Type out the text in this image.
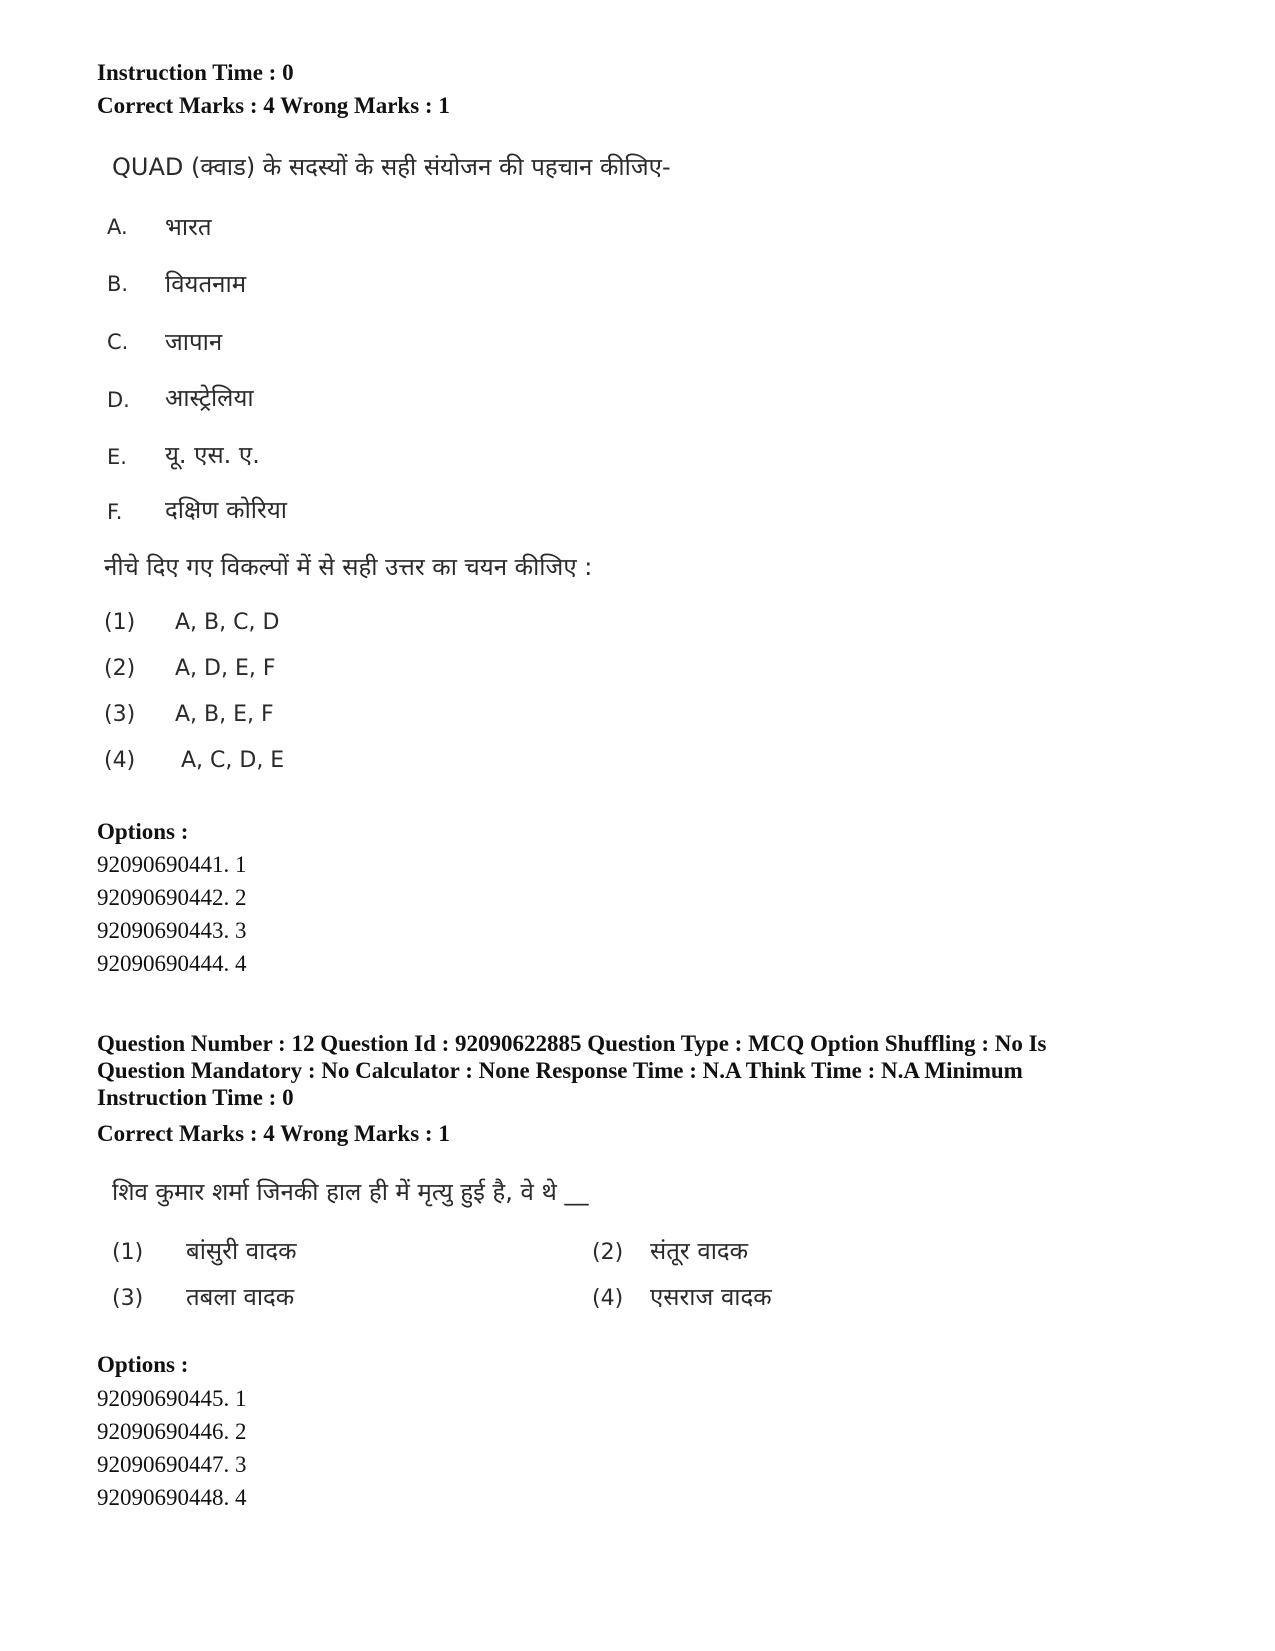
Instruction Time : 0
Correct Marks : 4 Wrong Marks : 1
QUAD (क्वाड) के सदस्यों के सही संयोजन की पहचान कीजिए-
A. भारत
B. वियतनाम
C. जापान
D. आस्ट्रेलिया
E. यू. एस. ए.
F. दक्षिण कोरिया
नीचे दिए गए विकल्पों में से सही उत्तर का चयन कीजिए :
(1) A, B, C, D
(2) A, D, E, F
(3) A, B, E, F
(4) A, C, D, E
Options :
92090690441. 1
92090690442. 2
92090690443. 3
92090690444. 4
Question Number : 12 Question Id : 92090622885 Question Type : MCQ Option Shuffling : No Is
Question Mandatory : No Calculator : None Response Time : N.A Think Time : N.A Minimum
Instruction Time : 0
Correct Marks : 4 Wrong Marks : 1
शिव कुमार शर्मा जिनकी हाल ही में मृत्यु हुई है, वे थे __
(1) बांसुरी वादक	(2) संतूर वादक
(3) तबला वादक	(4) एसराज वादक
Options :
92090690445. 1
92090690446. 2
92090690447. 3
92090690448. 4
